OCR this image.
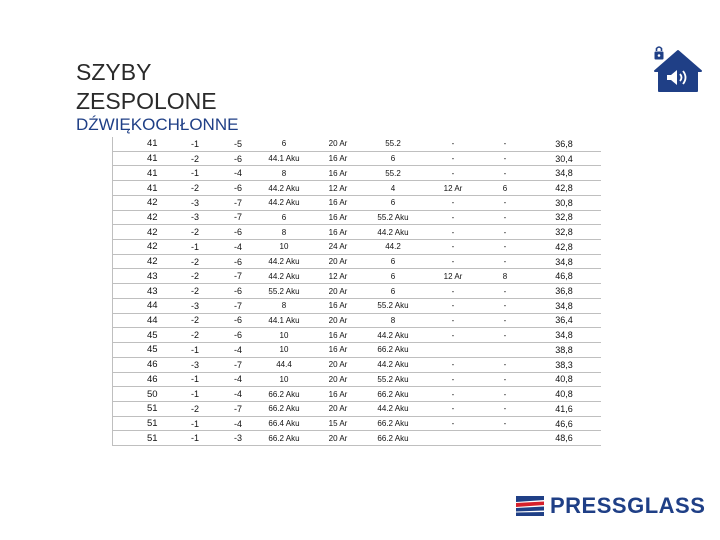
SZYBY
ZESPOLONE
DŹWIĘKOCHŁONNE
41	-1	-5	6	20 Ar	55.2	-	-	36,8
41	-2	-6	44.1 Aku	16 Ar	6	-	-	30,4
41	-1	-4	8	16 Ar	55.2	-	-	34,8
41	-2	-6	44.2 Aku	12 Ar	4	12 Ar	6	42,8
42	-3	-7	44.2 Aku	16 Ar	6	-	-	30,8
42	-3	-7	6	16 Ar	55.2 Aku	-	-	32,8
42	-2	-6	8	16 Ar	44.2 Aku	-	-	32,8
42	-1	-4	10	24 Ar	44.2	-	-	42,8
42	-2	-6	44.2 Aku	20 Ar	6	-	-	34,8
43	-2	-7	44.2 Aku	12 Ar	6	12 Ar	8	46,8
43	-2	-6	55.2 Aku	20 Ar	6	-	-	36,8
44	-3	-7	8	16 Ar	55.2 Aku	-	-	34,8
44	-2	-6	44.1 Aku	20 Ar	8	-	-	36,4
45	-2	-6	10	16 Ar	44.2 Aku	-	-	34,8
45	-1	-4	10	16 Ar	66.2 Aku			38,8
46	-3	-7	44.4	20 Ar	44.2 Aku	-	-	38,3
46	-1	-4	10	20 Ar	55.2 Aku	-	-	40,8
50	-1	-4	66.2 Aku	16 Ar	66.2 Aku	-	-	40,8
51	-2	-7	66.2 Aku	20 Ar	44.2 Aku	-	-	41,6
51	-1	-4	66.4 Aku	15 Ar	66.2 Aku	-	-	46,6
51	-1	-3	66.2 Aku	20 Ar	66.2 Aku			48,6
PRESSGLASS
